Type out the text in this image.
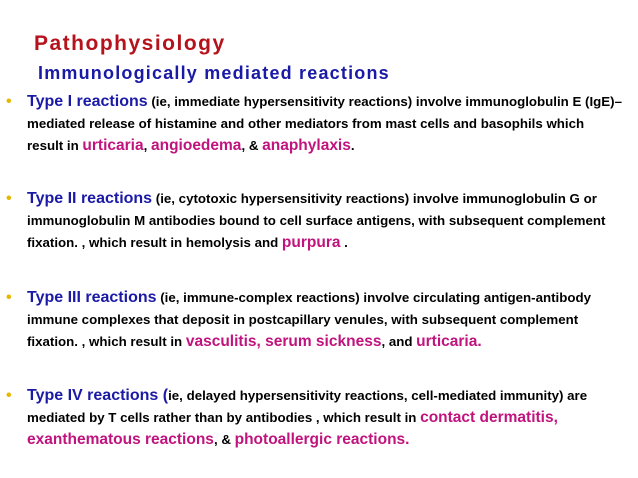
Pathophysiology
Immunologically mediated reactions
• Type I reactions (ie, immediate hypersensitivity reactions) involve immunoglobulin E (IgE)–mediated release of histamine and other mediators from mast cells and basophils which result in urticaria, angioedema, & anaphylaxis.
• Type II reactions (ie, cytotoxic hypersensitivity reactions) involve immunoglobulin G or immunoglobulin M antibodies bound to cell surface antigens, with subsequent complement fixation. , which result in hemolysis and purpura .
• Type III reactions (ie, immune-complex reactions) involve circulating antigen-antibody immune complexes that deposit in postcapillary venules, with subsequent complement fixation. , which result in vasculitis, serum sickness, and urticaria.
• Type IV reactions (ie, delayed hypersensitivity reactions, cell-mediated immunity) are mediated by T cells rather than by antibodies , which result in contact dermatitis, exanthematous reactions, & photoallergic reactions.
